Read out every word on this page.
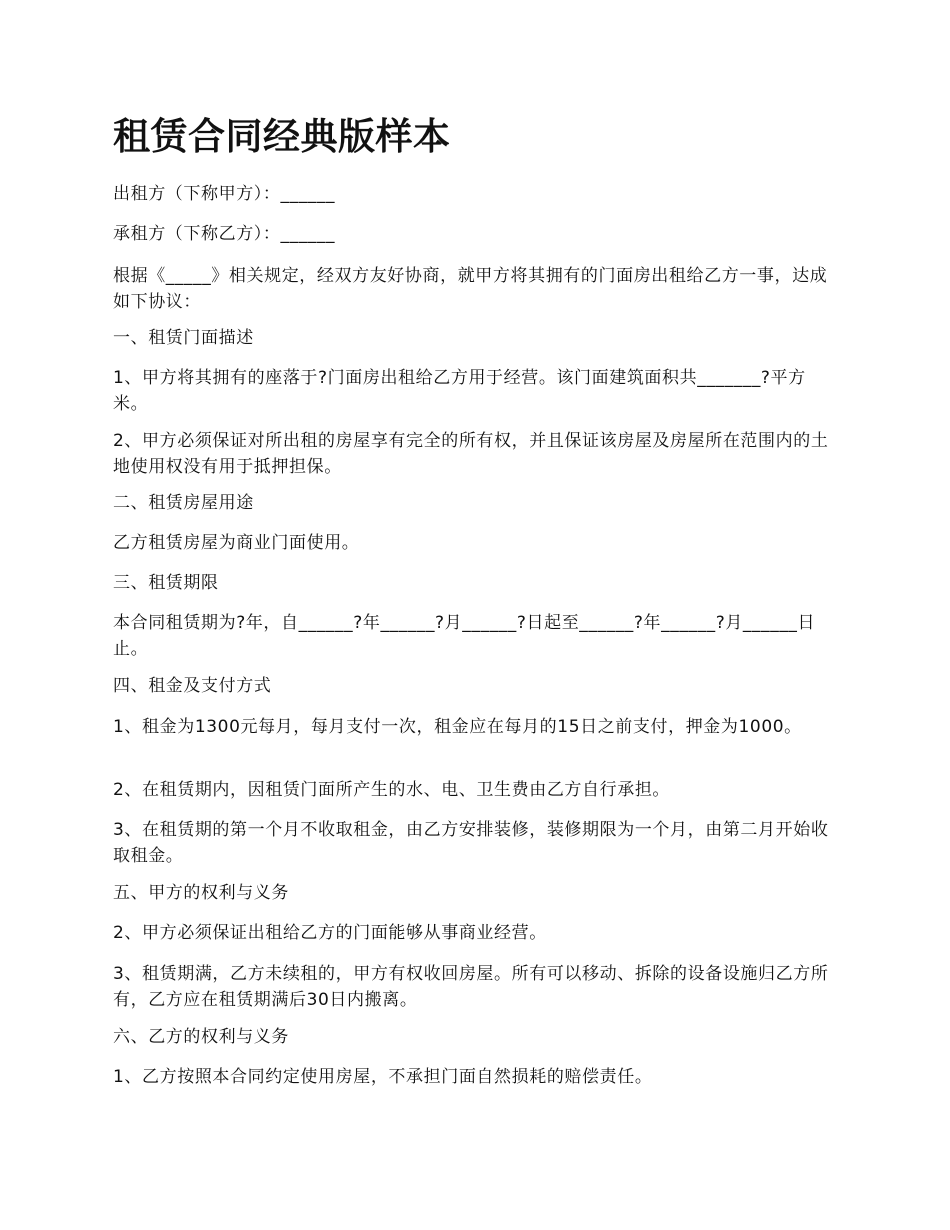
租赁合同经典版样本

出租方（下称甲方）：______

承租方（下称乙方）：______

根据《_____》相关规定，经双方友好协商，就甲方将其拥有的门面房出租给乙方一事，达成如下协议：

一、租赁门面描述

1、甲方将其拥有的座落于?门面房出租给乙方用于经营。该门面建筑面积共_______?平方米。

2、甲方必须保证对所出租的房屋享有完全的所有权，并且保证该房屋及房屋所在范围内的土地使用权没有用于抵押担保。

二、租赁房屋用途

乙方租赁房屋为商业门面使用。

三、租赁期限

本合同租赁期为?年，自______?年______?月______?日起至______?年______?月______日止。

四、租金及支付方式

1、租金为1300元每月，每月支付一次，租金应在每月的15日之前支付，押金为1000。

2、在租赁期内，因租赁门面所产生的水、电、卫生费由乙方自行承担。

3、在租赁期的第一个月不收取租金，由乙方安排装修，装修期限为一个月，由第二月开始收取租金。

五、甲方的权利与义务

2、甲方必须保证出租给乙方的门面能够从事商业经营。

3、租赁期满，乙方未续租的，甲方有权收回房屋。所有可以移动、拆除的设备设施归乙方所有，乙方应在租赁期满后30日内搬离。

六、乙方的权利与义务

1、乙方按照本合同约定使用房屋，不承担门面自然损耗的赔偿责任。
